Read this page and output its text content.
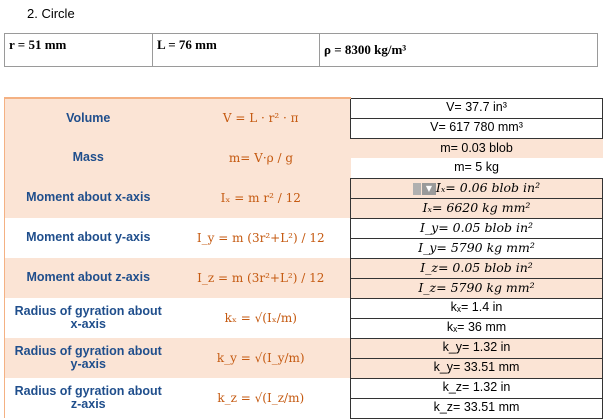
2. Circle
r = 51 mm	L = 76 mm	ρ = 8300 kg/m³
Volume	V = L · r² · π	V= 37.7 in³
		V= 617 780 mm³
Mass	m= V·ρ / g	m= 0.03 blob
		m= 5 kg
Moment about x-axis	Iₓ = m r² / 12	▼ Iₓ= 0.06 blob in²
		Iₓ= 6620 kg mm²
Moment about y-axis	I_y = m (3r²+L²) / 12	I_y= 0.05 blob in²
		I_y= 5790 kg mm²
Moment about z-axis	I_z = m (3r²+L²) / 12	I_z= 0.05 blob in²
		I_z= 5790 kg mm²
Radius of gyration about x-axis	kₓ = √(Iₓ/m)	kₓ= 1.4 in
		kₓ= 36 mm
Radius of gyration about y-axis	k_y = √(I_y/m)	k_y= 1.32 in
		k_y= 33.51 mm
Radius of gyration about z-axis	k_z = √(I_z/m)	k_z= 1.32 in
		k_z= 33.51 mm
